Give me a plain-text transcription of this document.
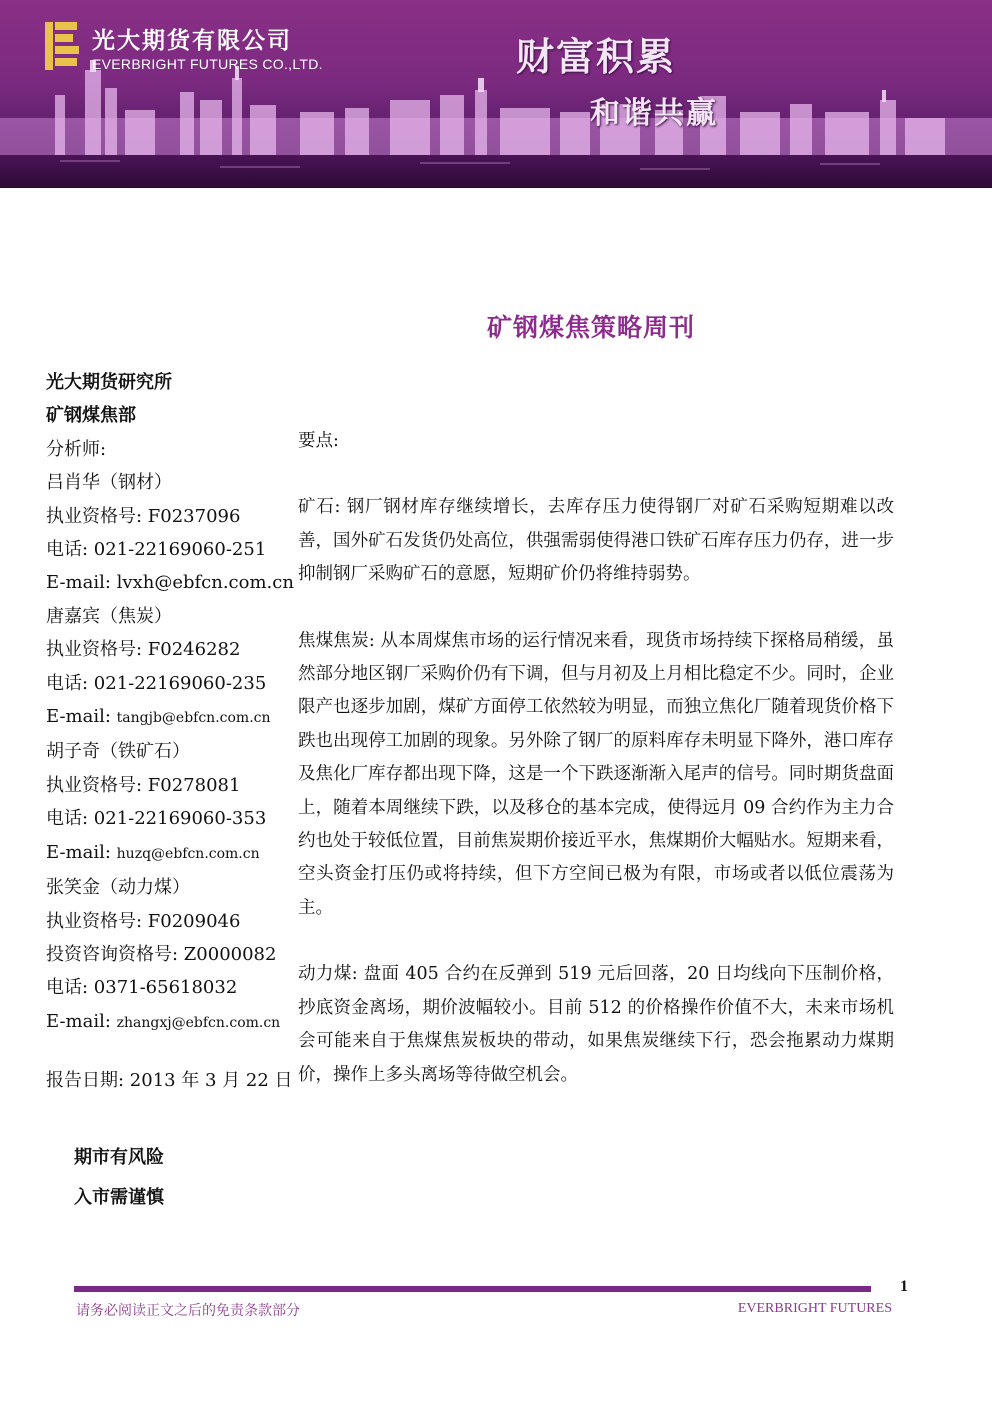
光大期货有限公司
EVERBRIGHT FUTURES CO.,LTD.	财富积累
和谐共赢
矿钢煤焦策略周刊
光大期货研究所
矿钢煤焦部
分析师:
吕肖华（钢材）
执业资格号: F0237096
电话: 021-22169060-251
E-mail: lvxh@ebfcn.com.cn
唐嘉宾（焦炭）
执业资格号: F0246282
电话: 021-22169060-235
E-mail: tangjb@ebfcn.com.cn
胡子奇（铁矿石）
执业资格号: F0278081
电话: 021-22169060-353
E-mail: huzq@ebfcn.com.cn
张笑金（动力煤）
执业资格号: F0209046
投资咨询资格号: Z0000082
电话: 0371-65618032
E-mail: zhangxj@ebfcn.com.cn
报告日期: 2013 年 3 月 22 日
期市有风险
入市需谨慎

要点:

矿石: 钢厂钢材库存继续增长，去库存压力使得钢厂对矿石采购短期难以改善，国外矿石发货仍处高位，供强需弱使得港口铁矿石库存压力仍存，进一步抑制钢厂采购矿石的意愿，短期矿价仍将维持弱势。

焦煤焦炭: 从本周煤焦市场的运行情况来看，现货市场持续下探格局稍缓，虽然部分地区钢厂采购价仍有下调，但与月初及上月相比稳定不少。同时，企业限产也逐步加剧，煤矿方面停工依然较为明显，而独立焦化厂随着现货价格下跌也出现停工加剧的现象。另外除了钢厂的原料库存未明显下降外，港口库存及焦化厂库存都出现下降，这是一个下跌逐渐渐入尾声的信号。同时期货盘面上，随着本周继续下跌，以及移仓的基本完成，使得远月 09 合约作为主力合约也处于较低位置，目前焦炭期价接近平水，焦煤期价大幅贴水。短期来看，空头资金打压仍或将持续，但下方空间已极为有限，市场或者以低位震荡为主。

动力煤: 盘面 405 合约在反弹到 519 元后回落，20 日均线向下压制价格，抄底资金离场，期价波幅较小。目前 512 的价格操作价值不大，未来市场机会可能来自于焦煤焦炭板块的带动，如果焦炭继续下行，恐会拖累动力煤期价，操作上多头离场等待做空机会。

1
请务必阅读正文之后的免责条款部分	EVERBRIGHT FUTURES
